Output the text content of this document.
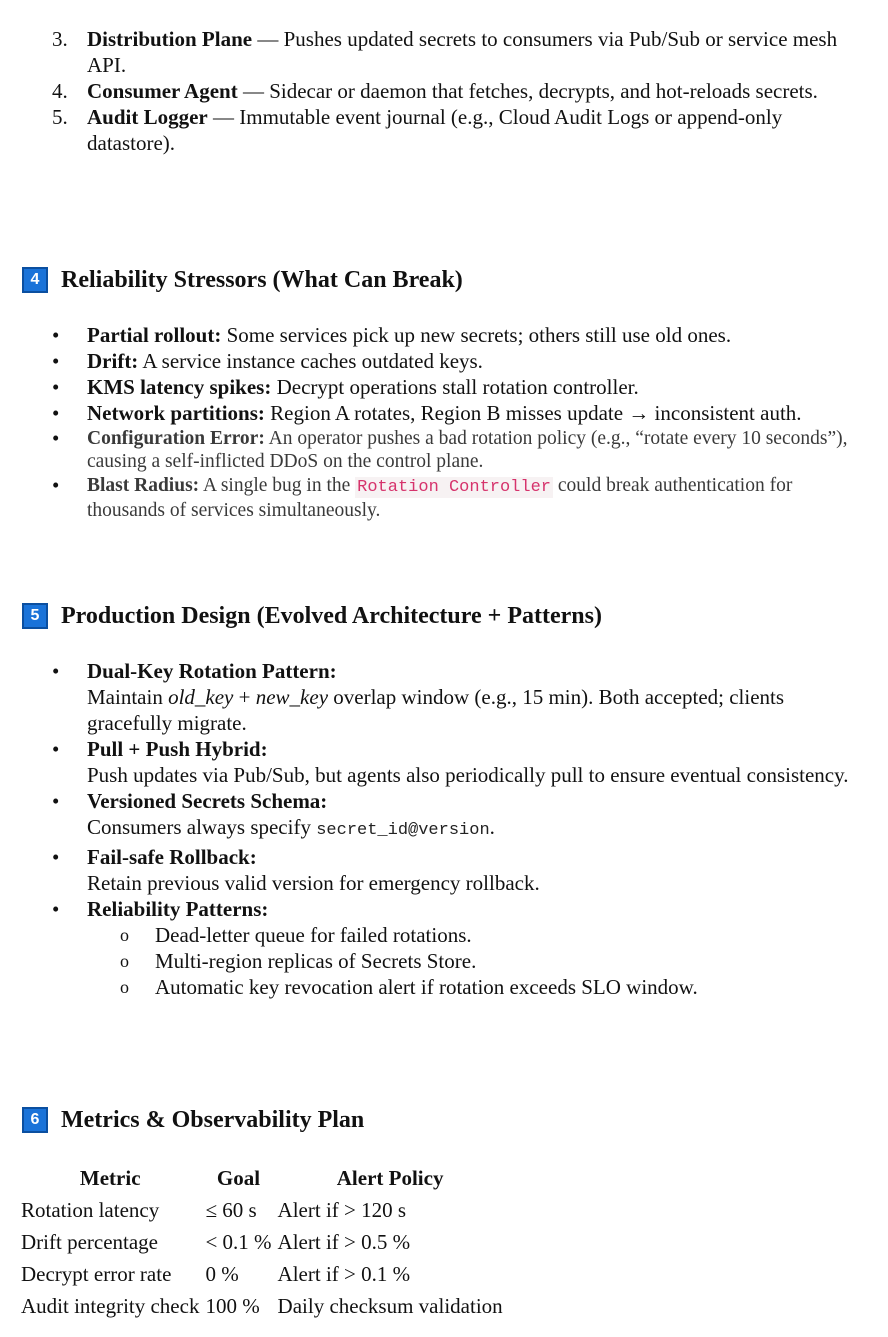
3. Distribution Plane — Pushes updated secrets to consumers via Pub/Sub or service mesh API.
4. Consumer Agent — Sidecar or daemon that fetches, decrypts, and hot-reloads secrets.
5. Audit Logger — Immutable event journal (e.g., Cloud Audit Logs or append-only datastore).
4 Reliability Stressors (What Can Break)
• Partial rollout: Some services pick up new secrets; others still use old ones.
• Drift: A service instance caches outdated keys.
• KMS latency spikes: Decrypt operations stall rotation controller.
• Network partitions: Region A rotates, Region B misses update → inconsistent auth.
• Configuration Error: An operator pushes a bad rotation policy (e.g., “rotate every 10 seconds”), causing a self-inflicted DDoS on the control plane.
• Blast Radius: A single bug in the Rotation Controller could break authentication for thousands of services simultaneously.
5 Production Design (Evolved Architecture + Patterns)
• Dual-Key Rotation Pattern:
Maintain old_key + new_key overlap window (e.g., 15 min). Both accepted; clients gracefully migrate.
• Pull + Push Hybrid:
Push updates via Pub/Sub, but agents also periodically pull to ensure eventual consistency.
• Versioned Secrets Schema:
Consumers always specify secret_id@version.
• Fail-safe Rollback:
Retain previous valid version for emergency rollback.
• Reliability Patterns:
o Dead-letter queue for failed rotations.
o Multi-region replicas of Secrets Store.
o Automatic key revocation alert if rotation exceeds SLO window.
6 Metrics & Observability Plan
Metric	Goal	Alert Policy
Rotation latency	≤ 60 s	Alert if > 120 s
Drift percentage	< 0.1 %	Alert if > 0.5 %
Decrypt error rate	0 %	Alert if > 0.1 %
Audit integrity check	100 %	Daily checksum validation
